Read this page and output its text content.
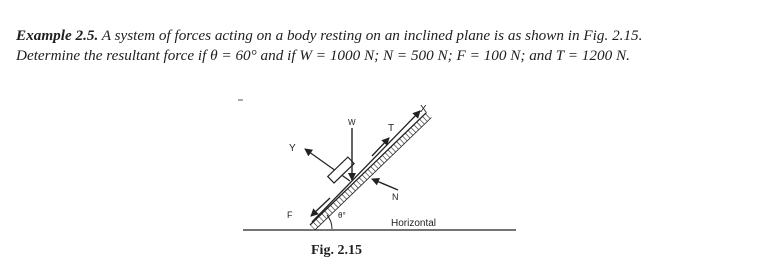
Example 2.5. A system of forces acting on a body resting on an inclined plane is as shown in Fig. 2.15. Determine the resultant force if θ = 60° and if W = 1000 N; N = 500 N; F = 100 N; and T = 1200 N.

Y
X
W
T
N
F	θ°
Horizontal
Fig. 2.15
